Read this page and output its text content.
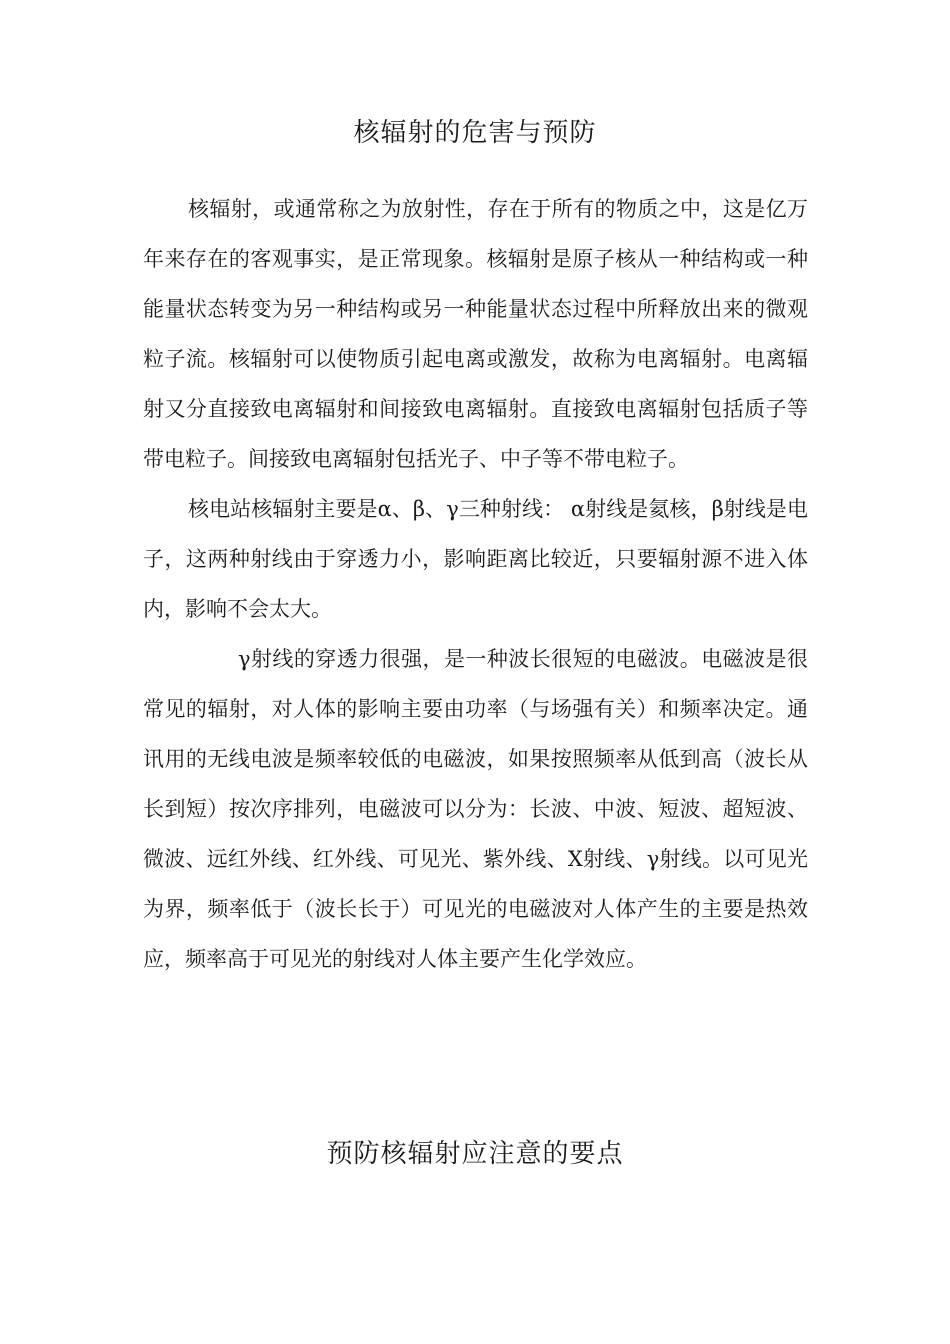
核辐射的危害与预防

核辐射，或通常称之为放射性，存在于所有的物质之中，这是亿万年来存在的客观事实，是正常现象。核辐射是原子核从一种结构或一种能量状态转变为另一种结构或另一种能量状态过程中所释放出来的微观粒子流。核辐射可以使物质引起电离或激发，故称为电离辐射。电离辐射又分直接致电离辐射和间接致电离辐射。直接致电离辐射包括质子等带电粒子。间接致电离辐射包括光子、中子等不带电粒子。

核电站核辐射主要是α、β、γ三种射线： α射线是氦核，β射线是电子，这两种射线由于穿透力小，影响距离比较近，只要辐射源不进入体内，影响不会太大。

γ射线的穿透力很强，是一种波长很短的电磁波。电磁波是很常见的辐射，对人体的影响主要由功率（与场强有关）和频率决定。通讯用的无线电波是频率较低的电磁波，如果按照频率从低到高（波长从长到短）按次序排列，电磁波可以分为：长波、中波、短波、超短波、微波、远红外线、红外线、可见光、紫外线、X射线、γ射线。以可见光为界，频率低于（波长长于）可见光的电磁波对人体产生的主要是热效应，频率高于可见光的射线对人体主要产生化学效应。

预防核辐射应注意的要点
